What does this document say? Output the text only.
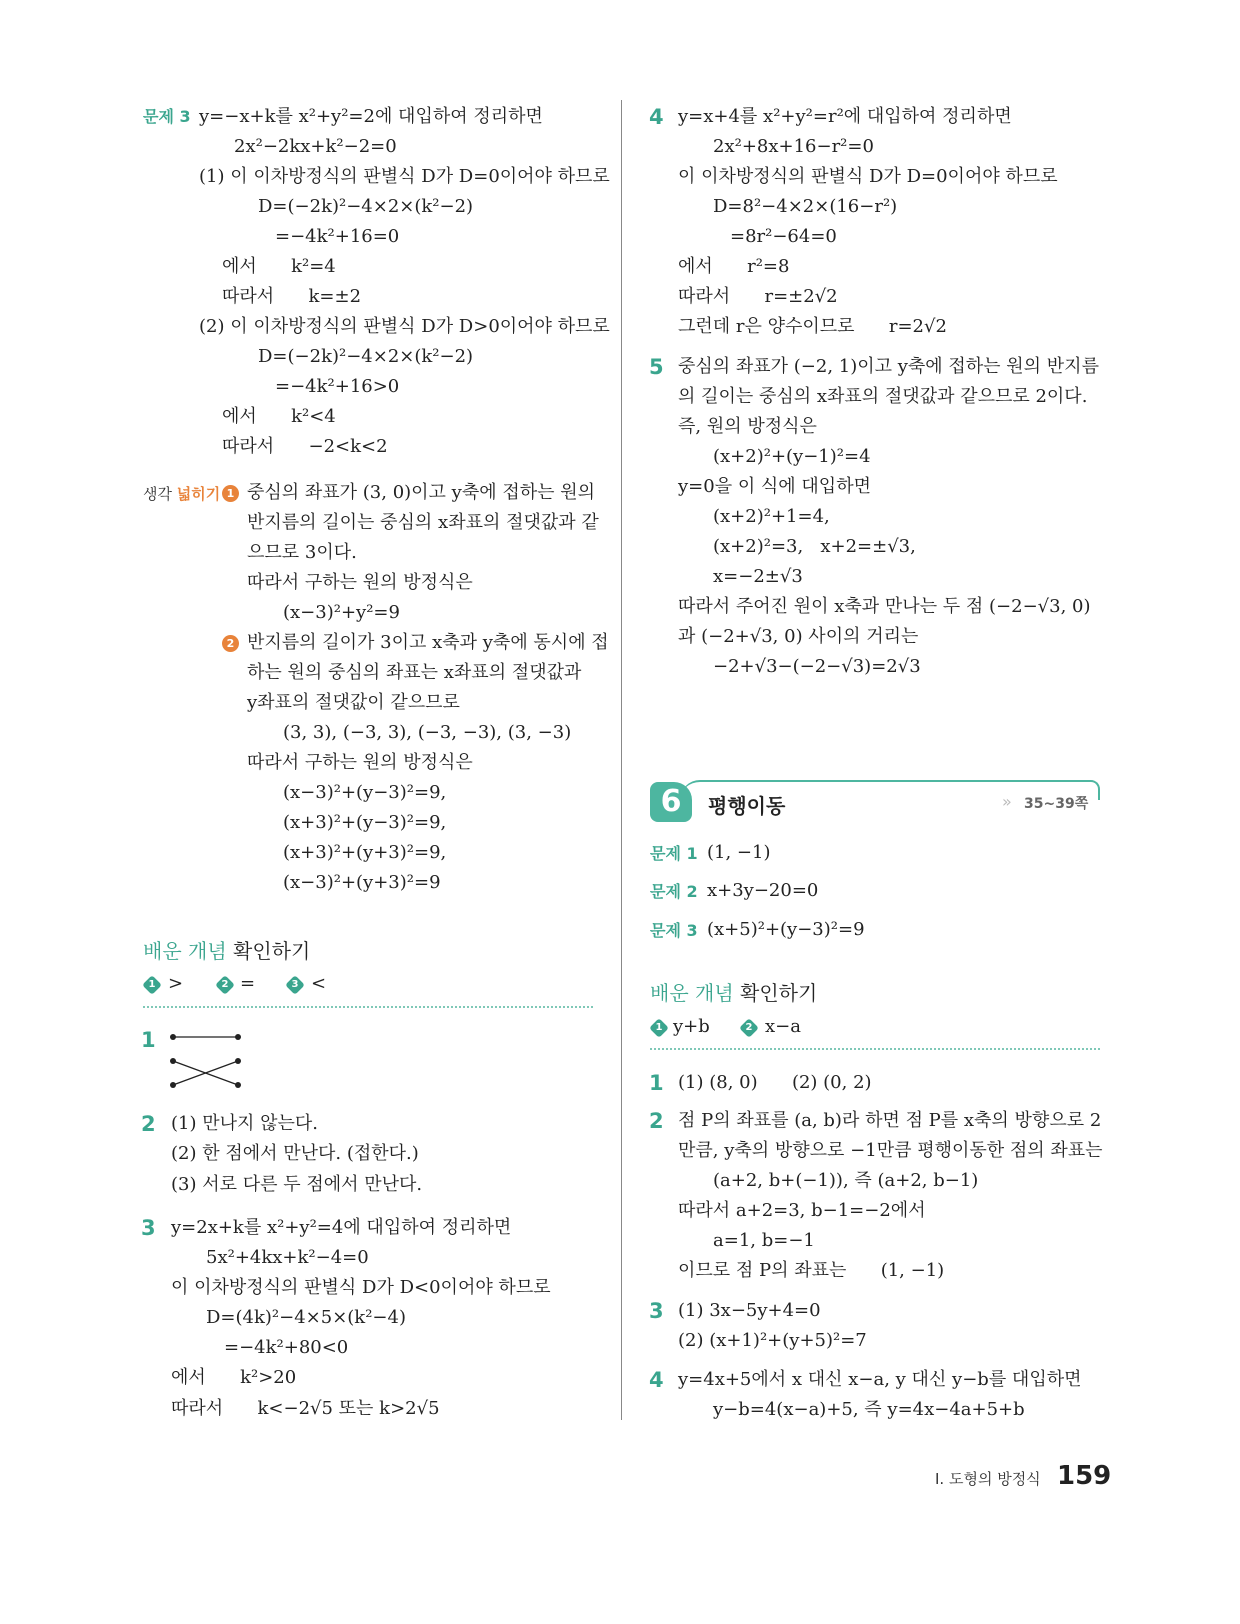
문제 3
생각 넓히기 1
2
배운 개념 확인하기
1 >	2 =	3 <
1
2
3
4
5
6	평행이동	» 35~39쪽
문제 1
문제 2
문제 3
배운 개념 확인하기
1	2
1
2
3
4
Ⅰ. 도형의 방정식 159
y=−x+k를 x²+y²=2에 대입하여 정리하면
2x²−2kx+k²−2=0
(1) 이 이차방정식의 판별식 D가 D=0이어야 하므로
D=(−2k)²−4×2×(k²−2)
=−4k²+16=0
에서      k²=4
따라서      k=±2
(2) 이 이차방정식의 판별식 D가 D>0이어야 하므로
D=(−2k)²−4×2×(k²−2)
=−4k²+16>0
에서      k²<4
따라서      −2<k<2
중심의 좌표가 (3, 0)이고 y축에 접하는 원의
반지름의 길이는 중심의 x좌표의 절댓값과 같
으므로 3이다.
따라서 구하는 원의 방정식은
(x−3)²+y²=9
반지름의 길이가 3이고 x축과 y축에 동시에 접
하는 원의 중심의 좌표는 x좌표의 절댓값과
y좌표의 절댓값이 같으므로
(3, 3), (−3, 3), (−3, −3), (3, −3)
따라서 구하는 원의 방정식은
(x−3)²+(y−3)²=9,
(x+3)²+(y−3)²=9,
(x+3)²+(y+3)²=9,
(x−3)²+(y+3)²=9
(1) 만나지 않는다.
(2) 한 점에서 만난다. (접한다.)
(3) 서로 다른 두 점에서 만난다.
y=2x+k를 x²+y²=4에 대입하여 정리하면
5x²+4kx+k²−4=0
이 이차방정식의 판별식 D가 D<0이어야 하므로
D=(4k)²−4×5×(k²−4)
=−4k²+80<0
에서      k²>20
따라서      k<−2√5 또는 k>2√5
y=x+4를 x²+y²=r²에 대입하여 정리하면
2x²+8x+16−r²=0
이 이차방정식의 판별식 D가 D=0이어야 하므로
D=8²−4×2×(16−r²)
=8r²−64=0
에서      r²=8
따라서      r=±2√2
그런데 r은 양수이므로      r=2√2
중심의 좌표가 (−2, 1)이고 y축에 접하는 원의 반지름
의 길이는 중심의 x좌표의 절댓값과 같으므로 2이다.
즉, 원의 방정식은
(x+2)²+(y−1)²=4
y=0을 이 식에 대입하면
(x+2)²+1=4,
(x+2)²=3,   x+2=±√3,
x=−2±√3
따라서 주어진 원이 x축과 만나는 두 점 (−2−√3, 0)
과 (−2+√3, 0) 사이의 거리는
−2+√3−(−2−√3)=2√3
(1, −1)
x+3y−20=0
(x+5)²+(y−3)²=9
y+b	x−a
(1) (8, 0)      (2) (0, 2)
점 P의 좌표를 (a, b)라 하면 점 P를 x축의 방향으로 2
만큼, y축의 방향으로 −1만큼 평행이동한 점의 좌표는
(a+2, b+(−1)), 즉 (a+2, b−1)
따라서 a+2=3, b−1=−2에서
a=1, b=−1
이므로 점 P의 좌표는      (1, −1)
(1) 3x−5y+4=0
(2) (x+1)²+(y+5)²=7
y=4x+5에서 x 대신 x−a, y 대신 y−b를 대입하면
y−b=4(x−a)+5, 즉 y=4x−4a+5+b
